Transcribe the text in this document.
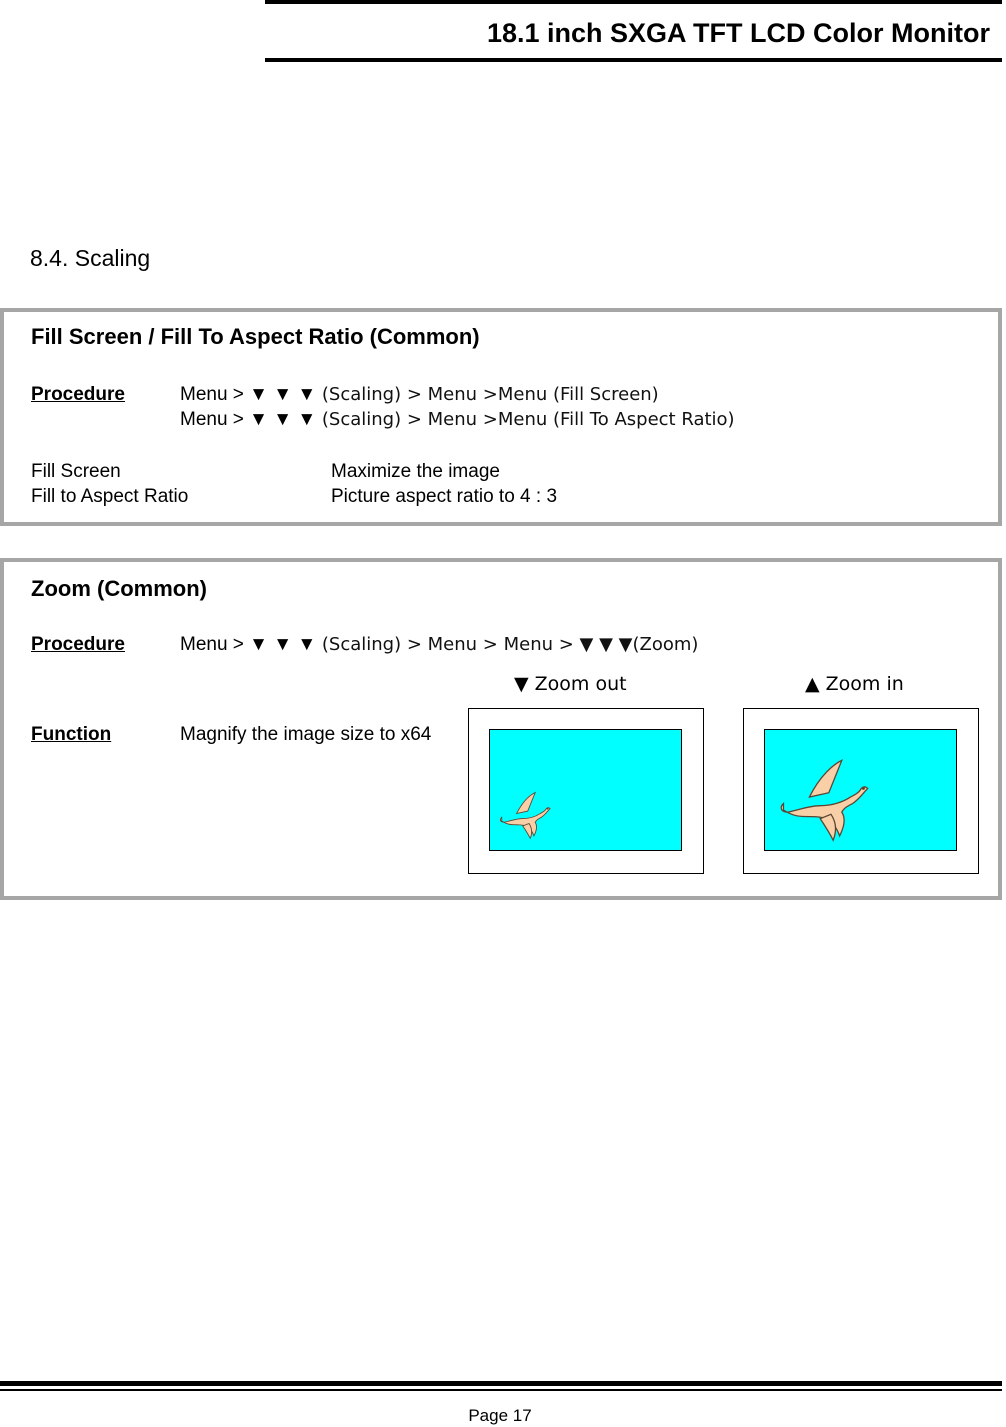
18.1 inch SXGA TFT LCD Color Monitor
8.4. Scaling
Fill Screen / Fill To Aspect Ratio (Common)
Procedure	Menu > ▼ ▼ ▼ (Scaling) > Menu >Menu (Fill Screen)
Menu > ▼ ▼ ▼ (Scaling) > Menu >Menu (Fill To Aspect Ratio)
Fill Screen	Maximize the image
Fill to Aspect Ratio	Picture aspect ratio to 4 : 3
Zoom (Common)
Procedure	Menu > ▼ ▼ ▼ (Scaling) > Menu > Menu > ▼ ▼ ▼(Zoom)
▼ Zoom out	▲ Zoom in
Function	Magnify the image size to x64
Page 17
